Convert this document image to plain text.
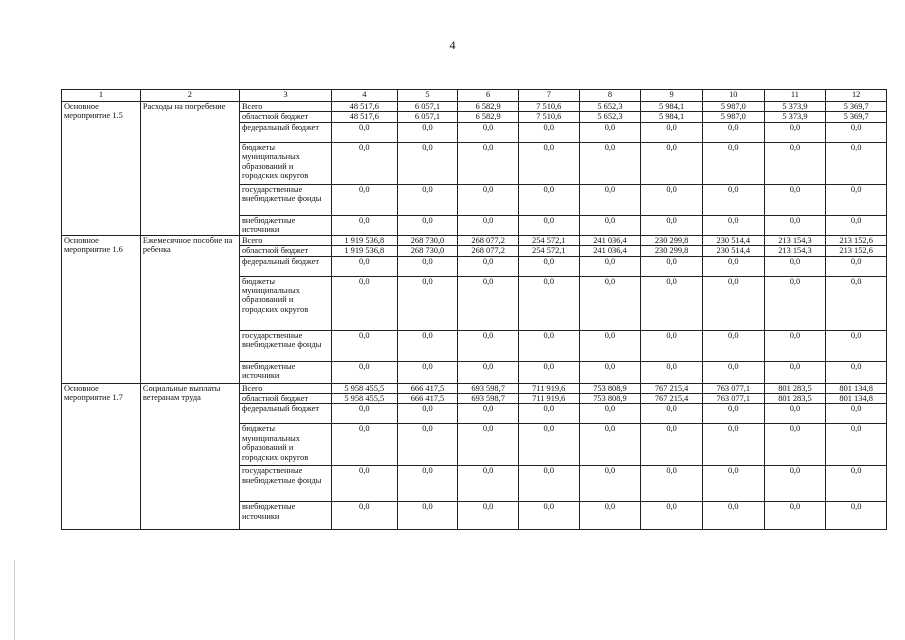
4
1	2	3	4	5	6	7	8	9	10	11	12
Основное мероприятие 1.5	Расходы на погребение	Всего	48 517,6	6 057,1	6 582,9	7 510,6	5 652,3	5 984,1	5 987,0	5 373,9	5 369,7
		областной бюджет	48 517,6	6 057,1	6 582,9	7 510,6	5 652,3	5 984,1	5 987,0	5 373,9	5 369,7
		федеральный бюджет	0,0	0,0	0,0	0,0	0,0	0,0	0,0	0,0	0,0
		бюджеты муниципальных образований и городских округов	0,0	0,0	0,0	0,0	0,0	0,0	0,0	0,0	0,0
		государственные внебюджетные фонды	0,0	0,0	0,0	0,0	0,0	0,0	0,0	0,0	0,0
		внебюджетные источники	0,0	0,0	0,0	0,0	0,0	0,0	0,0	0,0	0,0
Основное мероприятие 1.6	Ежемесячное пособие на ребенка	Всего	1 919 536,8	268 730,0	268 077,2	254 572,1	241 036,4	230 299,8	230 514,4	213 154,3	213 152,6
		областной бюджет	1 919 536,8	268 730,0	268 077,2	254 572,1	241 036,4	230 299,8	230 514,4	213 154,3	213 152,6
		федеральный бюджет	0,0	0,0	0,0	0,0	0,0	0,0	0,0	0,0	0,0
		бюджеты муниципальных образований и городских округов	0,0	0,0	0,0	0,0	0,0	0,0	0,0	0,0	0,0
		государственные внебюджетные фонды	0,0	0,0	0,0	0,0	0,0	0,0	0,0	0,0	0,0
		внебюджетные источники	0,0	0,0	0,0	0,0	0,0	0,0	0,0	0,0	0,0
Основное мероприятие 1.7	Социальные выплаты ветеранам труда	Всего	5 958 455,5	666 417,5	693 598,7	711 919,6	753 808,9	767 215,4	763 077,1	801 283,5	801 134,8
		областной бюджет	5 958 455,5	666 417,5	693 598,7	711 919,6	753 808,9	767 215,4	763 077,1	801 283,5	801 134,8
		федеральный бюджет	0,0	0,0	0,0	0,0	0,0	0,0	0,0	0,0	0,0
		бюджеты муниципальных образований и городских округов	0,0	0,0	0,0	0,0	0,0	0,0	0,0	0,0	0,0
		государственные внебюджетные фонды	0,0	0,0	0,0	0,0	0,0	0,0	0,0	0,0	0,0
		внебюджетные источники	0,0	0,0	0,0	0,0	0,0	0,0	0,0	0,0	0,0
